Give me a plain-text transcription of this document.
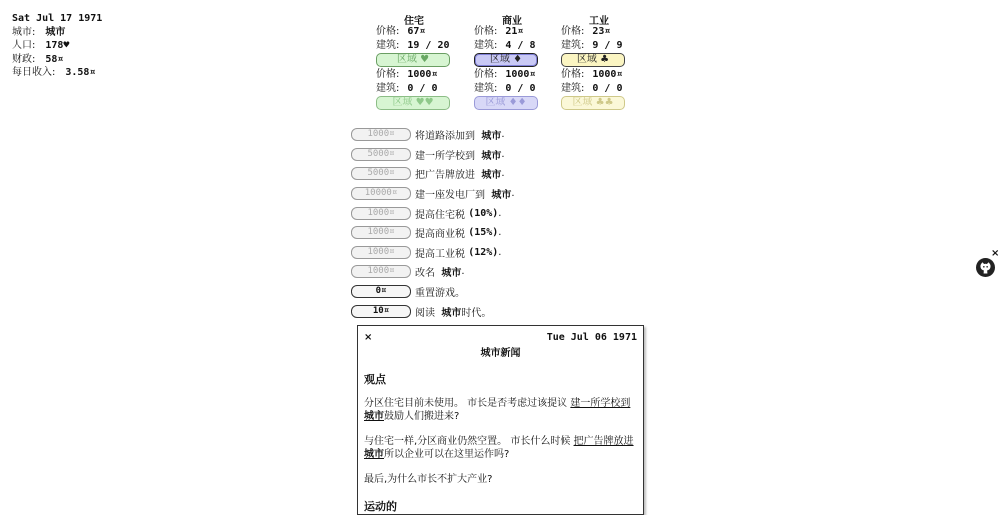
Sat Jul 17 1971
城市: 城市
人口: 178♥
财政: 58¤
每日收入: 3.58¤
住宅
价格: 67¤
建筑: 19 / 20
区域 ♥
价格: 1000¤
建筑: 0 / 0
区域 ♥♥
商业
价格: 21¤
建筑: 4 / 8
区域 ♦
价格: 1000¤
建筑: 0 / 0
区域 ♦♦
工业
价格: 23¤
建筑: 9 / 9
区域 ♣
价格: 1000¤
建筑: 0 / 0
区域 ♣♣
1000¤	将道路添加到
城市 .
5000¤	建一所学校到
城市 .
5000¤	把广告牌放进
城市 .
10000¤	建一座发电厂到
城市 .
1000¤	提高住宅税
(10%) .
1000¤	提高商业税
(15%) .
1000¤	提高工业税
(12%) .
1000¤	改名
城市 .
0¤	重置游戏。
10¤	阅读
城市 时代。
×	Tue Jul 06 1971
城市新闻
观点

分区住宅目前未使用。 市长是否考虑过该提议 建一所学校到
城市鼓励人们搬进来?

与住宅一样,分区商业仍然空置。 市长什么时候 把广告牌放进
城市所以企业可以在这里运作吗?

最后,为什么市长不扩大产业?

运动的
×
